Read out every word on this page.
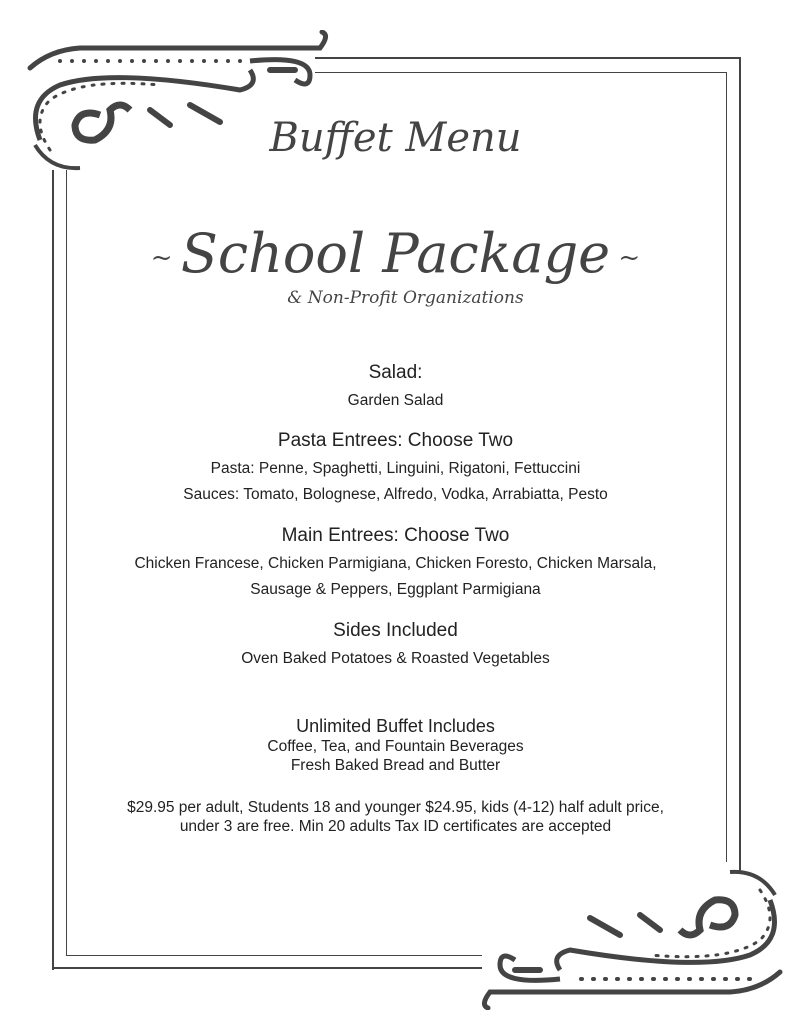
Buffet Menu
~ School Package ~
& Non-Profit Organizations
Salad:
Garden Salad
Pasta Entrees: Choose Two
Pasta: Penne, Spaghetti, Linguini, Rigatoni, Fettuccini
Sauces: Tomato, Bolognese, Alfredo, Vodka, Arrabiatta, Pesto
Main Entrees: Choose Two
Chicken Francese, Chicken Parmigiana, Chicken Foresto, Chicken Marsala,
Sausage & Peppers, Eggplant Parmigiana
Sides Included
Oven Baked Potatoes & Roasted Vegetables
Unlimited Buffet Includes
Coffee, Tea, and Fountain Beverages
Fresh Baked Bread and Butter
$29.95 per adult, Students 18 and younger $24.95, kids (4-12) half adult price,
under 3 are free. Min 20 adults Tax ID certificates are accepted
